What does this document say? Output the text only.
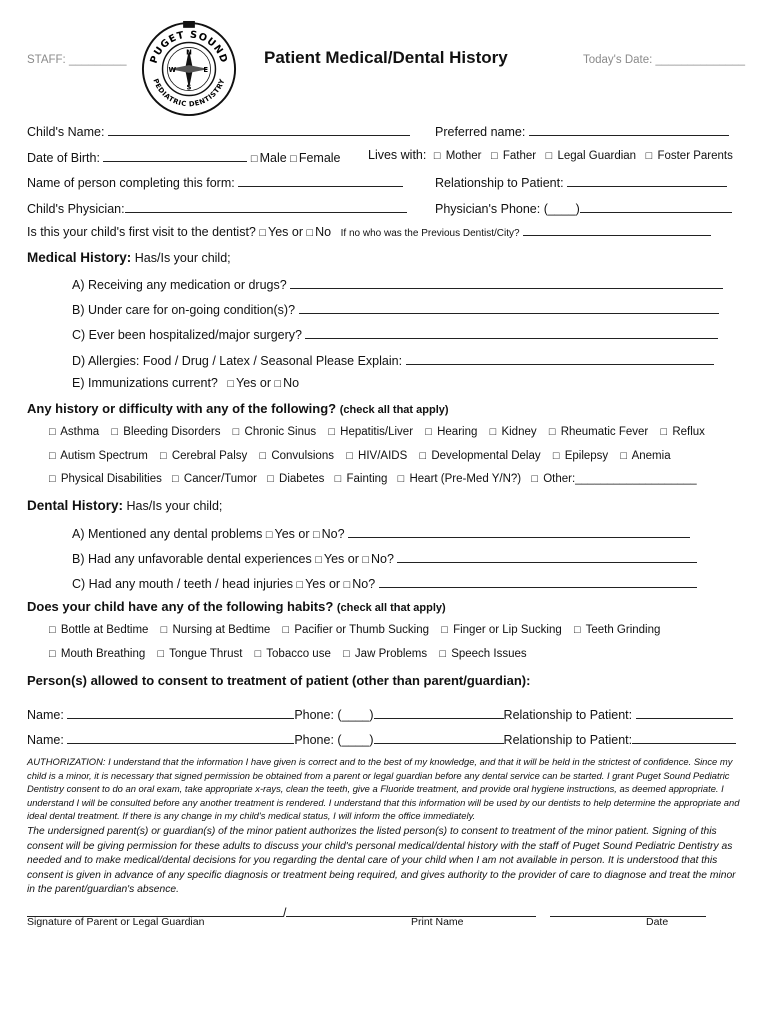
STAFF: _________
N
S
E
W
PUGET SOUND
PEDIATRIC DENTISTRY
Patient Medical/Dental History	Today's Date: ______________
Child's Name:	Preferred name:
Date of Birth:	□ Male □ Female Lives with: □ Mother □ Father □ Legal Guardian □ Foster Parents
Name of person completing this form:	Relationship to Patient:
Child's Physician:	Physician's Phone: (____)
Is this your child's first visit to the dentist? □ Yes or □ No If no who was the Previous Dentist/City?
Medical History: Has/Is your child;
A) Receiving any medication or drugs?
B) Under care for on-going condition(s)?
C) Ever been hospitalized/major surgery?
D) Allergies: Food / Drug / Latex / Seasonal Please Explain:
E) Immunizations current? □ Yes or □ No
Any history or difficulty with any of the following? (check all that apply)
□ Asthma □ Bleeding Disorders □ Chronic Sinus □ Hepatitis/Liver □ Hearing □ Kidney □ Rheumatic Fever □ Reflux
□ Autism Spectrum □ Cerebral Palsy □ Convulsions □ HIV/AIDS □ Developmental Delay □ Epilepsy □ Anemia
□ Physical Disabilities □ Cancer/Tumor □ Diabetes □ Fainting □ Heart (Pre-Med Y/N?) □ Other:___________________
Dental History: Has/Is your child;
A) Mentioned any dental problems □ Yes or □ No?
B) Had any unfavorable dental experiences □ Yes or □ No?
C) Had any mouth / teeth / head injuries □ Yes or □ No?
Does your child have any of the following habits? (check all that apply)
□ Bottle at Bedtime □ Nursing at Bedtime □ Pacifier or Thumb Sucking □ Finger or Lip Sucking □ Teeth Grinding
□ Mouth Breathing □ Tongue Thrust □ Tobacco use □ Jaw Problems □ Speech Issues
Person(s) allowed to consent to treatment of patient (other than parent/guardian):
Name:	Phone: (____)	Relationship to Patient:
Name:	Phone: (____)	Relationship to Patient:
AUTHORIZATION: I understand that the information I have given is correct and to the best of my knowledge, and that it will be held in the strictest of confidence. Since my child is a minor, it is necessary that signed permission be obtained from a parent or legal guardian before any dental service can be started. I grant Puget Sound Pediatric Dentistry consent to do an oral exam, take appropriate x-rays, clean the teeth, give a Fluoride treatment, and provide oral hygiene instructions, as deemed appropriate. I understand I will be consulted before any another treatment is rendered. I understand that this information will be used by our dentists to help determine the appropriate and ideal dental treatment. If there is any change in my child's medical status, I will inform the office immediately.
The undersigned parent(s) or guardian(s) of the minor patient authorizes the listed person(s) to consent to treatment of the minor patient. Signing of this consent will be giving permission for these adults to discuss your child's personal medical/dental history with the staff of Puget Sound Pediatric Dentistry as needed and to make medical/dental decisions for you regarding the dental care of your child when I am not available in person. It is understood that this consent is given in advance of any specific diagnosis or treatment being required, and gives authority to the provider of care to diagnose and treat the minor in the parent/guardian's absence.
/
Signature of Parent or Legal Guardian	Print Name	Date
